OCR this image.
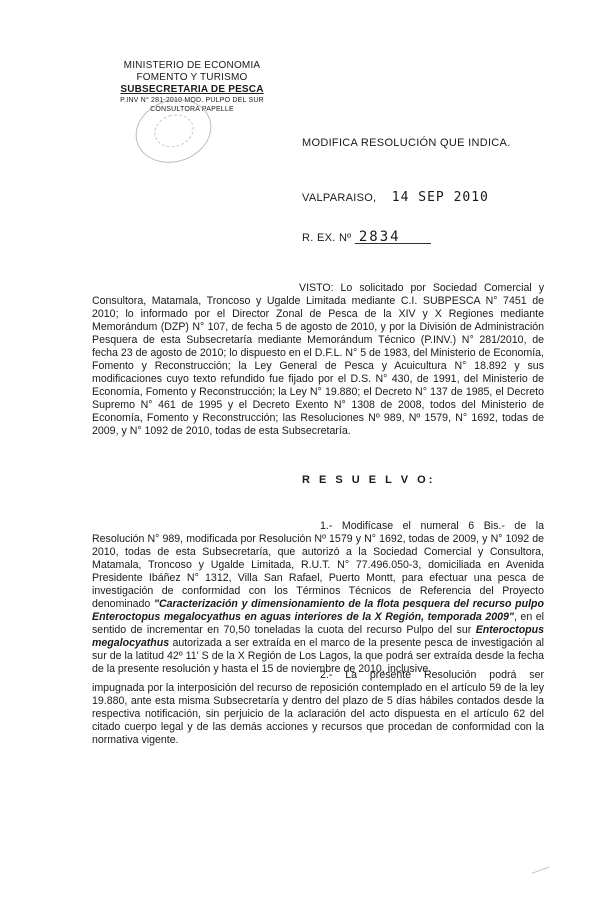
MINISTERIO DE ECONOMIA
FOMENTO Y TURISMO
SUBSECRETARIA DE PESCA
P.INV N° 281-2010 MOD. PULPO DEL SUR
CONSULTORA PAPELLE
MODIFICA RESOLUCIÓN QUE INDICA.
VALPARAISO, 14 SEP 2010
R. EX. Nº 2834
VISTO: Lo solicitado por Sociedad Comercial y Consultora, Matamala, Troncoso y Ugalde Limitada mediante C.I. SUBPESCA N° 7451 de 2010; lo informado por el Director Zonal de Pesca de la XIV y X Regiones mediante Memorándum (DZP) N° 107, de fecha 5 de agosto de 2010, y por la División de Administración Pesquera de esta Subsecretaría mediante Memorándum Técnico (P.INV.) N° 281/2010, de fecha 23 de agosto de 2010; lo dispuesto en el D.F.L. N° 5 de 1983, del Ministerio de Economía, Fomento y Reconstrucción; la Ley General de Pesca y Acuicultura N° 18.892 y sus modificaciones cuyo texto refundido fue fijado por el D.S. N° 430, de 1991, del Ministerio de Economía, Fomento y Reconstrucción; la Ley N° 19.880; el Decreto N° 137 de 1985, el Decreto Supremo N° 461 de 1995 y el Decreto Exento N° 1308 de 2008, todos del Ministerio de Economía, Fomento y Reconstrucción; las Resoluciones Nº 989, Nº 1579, N° 1692, todas de 2009, y N° 1092 de 2010, todas de esta Subsecretaría.
R E S U E L V O:
1.- Modifícase el numeral 6 Bis.- de la Resolución N° 989, modificada por Resolución Nº 1579 y N° 1692, todas de 2009, y N° 1092 de 2010, todas de esta Subsecretaría, que autorizó a la Sociedad Comercial y Consultora, Matamala, Troncoso y Ugalde Limitada, R.U.T. N° 77.496.050-3, domiciliada en Avenida Presidente Ibáñez N° 1312, Villa San Rafael, Puerto Montt, para efectuar una pesca de investigación de conformidad con los Términos Técnicos de Referencia del Proyecto denominado "Caracterización y dimensionamiento de la flota pesquera del recurso pulpo Enteroctopus megalocyathus en aguas interiores de la X Región, temporada 2009", en el sentido de incrementar en 70,50 toneladas la cuota del recurso Pulpo del sur Enteroctopus megalocyathus autorizada a ser extraída en el marco de la presente pesca de investigación al sur de la latitud 42º 11' S de la X Región de Los Lagos, la que podrá ser extraída desde la fecha de la presente resolución y hasta el 15 de noviembre de 2010, inclusive.
2.- La presente Resolución podrá ser impugnada por la interposición del recurso de reposición contemplado en el artículo 59 de la ley 19.880, ante esta misma Subsecretaría y dentro del plazo de 5 días hábiles contados desde la respectiva notificación, sin perjuicio de la aclaración del acto dispuesta en el artículo 62 del citado cuerpo legal y de las demás acciones y recursos que procedan de conformidad con la normativa vigente.
